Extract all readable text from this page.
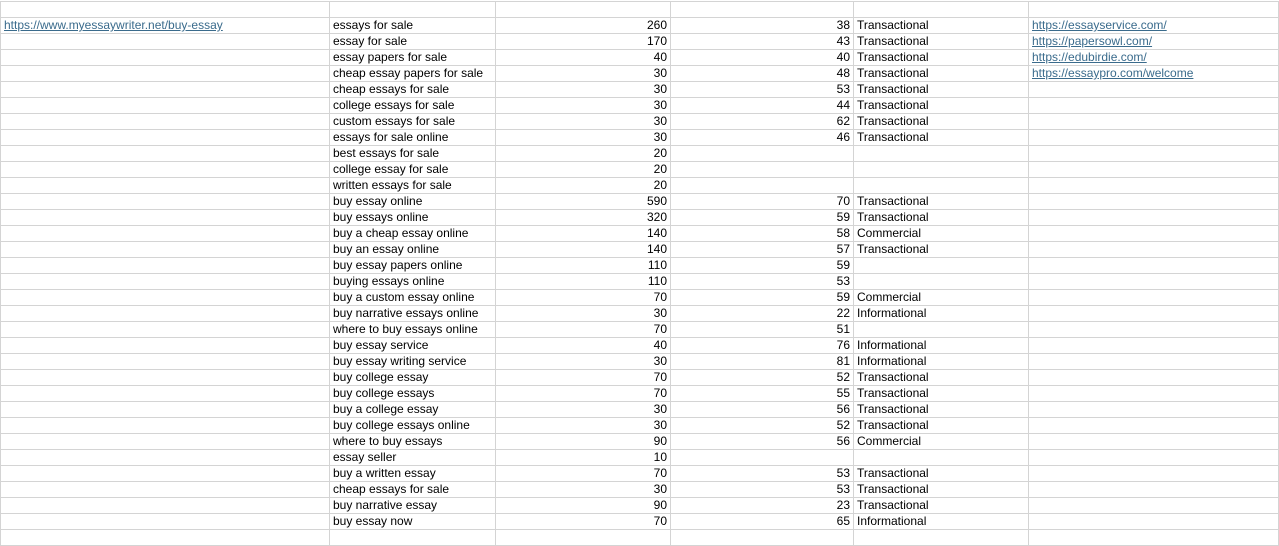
https://www.myessaywriter.net/buy-essay	essays for sale	260	38	Transactional	https://essayservice.com/
	essay for sale	170	43	Transactional	https://papersowl.com/
	essay papers for sale	40	40	Transactional	https://edubirdie.com/
	cheap essay papers for sale	30	48	Transactional	https://essaypro.com/welcome
	cheap essays for sale	30	53	Transactional	
	college essays for sale	30	44	Transactional	
	custom essays for sale	30	62	Transactional	
	essays for sale online	30	46	Transactional	
	best essays for sale	20			
	college essay for sale	20			
	written essays for sale	20			
	buy essay online	590	70	Transactional	
	buy essays online	320	59	Transactional	
	buy a cheap essay online	140	58	Commercial	
	buy an essay online	140	57	Transactional	
	buy essay papers online	110	59		
	buying essays online	110	53		
	buy a custom essay online	70	59	Commercial	
	buy narrative essays online	30	22	Informational	
	where to buy essays online	70	51		
	buy essay service	40	76	Informational	
	buy essay writing service	30	81	Informational	
	buy college essay	70	52	Transactional	
	buy college essays	70	55	Transactional	
	buy a college essay	30	56	Transactional	
	buy college essays online	30	52	Transactional	
	where to buy essays	90	56	Commercial	
	essay seller	10			
	buy a written essay	70	53	Transactional	
	cheap essays for sale	30	53	Transactional	
	buy narrative essay	90	23	Transactional	
	buy essay now	70	65	Informational	
